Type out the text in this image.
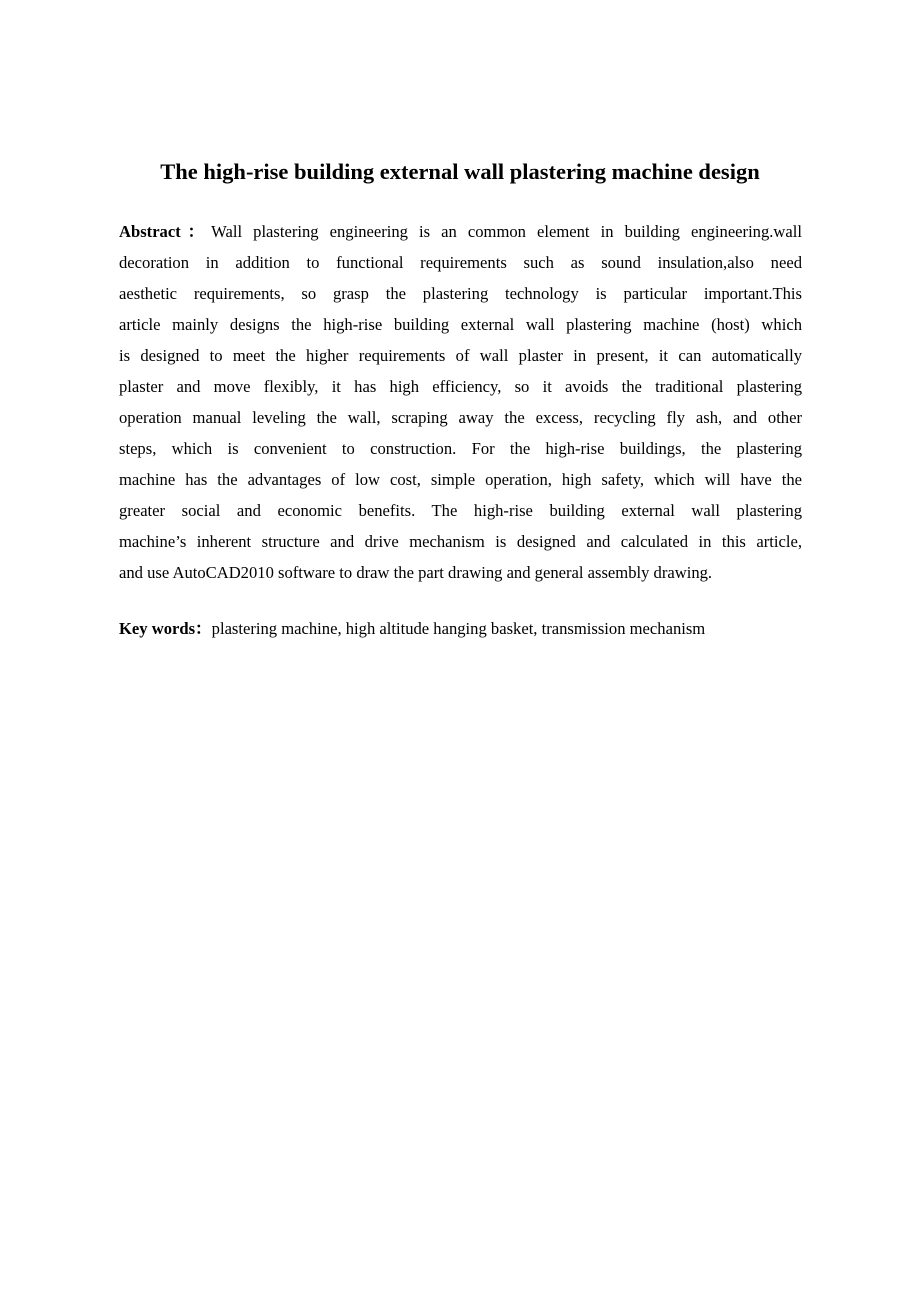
The high-rise building external wall plastering machine design
Abstract：Wall plastering engineering is an common element in building engineering.wall
decoration in addition to functional requirements such as sound insulation,also need
aesthetic requirements, so grasp the plastering technology is particular important.This
article mainly designs the high-rise building external wall plastering machine (host) which
is designed to meet the higher requirements of wall plaster in present, it can automatically
plaster and move flexibly, it has high efficiency, so it avoids the traditional plastering
operation manual leveling the wall, scraping away the excess, recycling fly ash, and other
steps, which is convenient to construction. For the high-rise buildings, the plastering
machine has the advantages of low cost, simple operation, high safety, which will have the
greater social and economic benefits. The high-rise building external wall plastering
machine’s inherent structure and drive mechanism is designed and calculated in this article,
and use AutoCAD2010 software to draw the part drawing and general assembly drawing.

Key words：plastering machine, high altitude hanging basket, transmission mechanism
